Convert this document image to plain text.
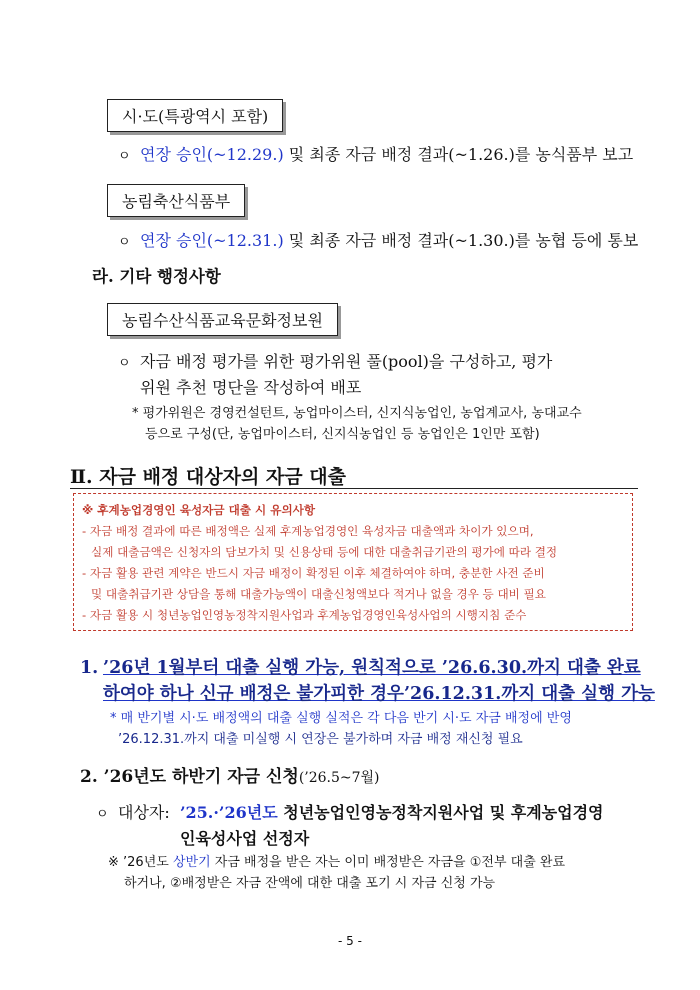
시·도(특광역시 포함)
ㅇ 연장 승인(~12.29.) 및 최종 자금 배정 결과(~1.26.)를 농식품부 보고
농림축산식품부
ㅇ 연장 승인(~12.31.) 및 최종 자금 배정 결과(~1.30.)를 농협 등에 통보
라. 기타 행정사항
농림수산식품교육문화정보원
ㅇ 자금 배정 평가를 위한 평가위원 풀(pool)을 구성하고, 평가
위원 추천 명단을 작성하여 배포
* 평가위원은 경영컨설턴트, 농업마이스터, 신지식농업인, 농업계교사, 농대교수
등으로 구성(단, 농업마이스터, 신지식농업인 등 농업인은 1인만 포함)
Ⅱ. 자금 배정 대상자의 자금 대출
※ 후계농업경영인 육성자금 대출 시 유의사항
- 자금 배정 결과에 따른 배정액은 실제 후계농업경영인 육성자금 대출액과 차이가 있으며,
실제 대출금액은 신청자의 담보가치 및 신용상태 등에 대한 대출취급기관의 평가에 따라 결정
- 자금 활용 관련 계약은 반드시 자금 배정이 확정된 이후 체결하여야 하며, 충분한 사전 준비
및 대출취급기관 상담을 통해 대출가능액이 대출신청액보다 적거나 없을 경우 등 대비 필요
- 자금 활용 시 청년농업인영농정착지원사업과 후계농업경영인육성사업의 시행지침 준수
1. ’26년 1월부터 대출 실행 가능, 원칙적으로 ’26.6.30.까지 대출 완료
하여야 하나 신규 배정은 불가피한 경우’26.12.31.까지 대출 실행 가능
* 매 반기별 시·도 배정액의 대출 실행 실적은 각 다음 반기 시·도 자금 배정에 반영
’26.12.31.까지 대출 미실행 시 연장은 불가하며 자금 배정 재신청 필요
2. ’26년도 하반기 자금 신청(’26.5~7월)
ㅇ 대상자: ’25.·’26년도 청년농업인영농정착지원사업 및 후계농업경영
인육성사업 선정자
※ ’26년도 상반기 자금 배정을 받은 자는 이미 배정받은 자금을 ①전부 대출 완료
하거나, ②배정받은 자금 잔액에 대한 대출 포기 시 자금 신청 가능
- 5 -
